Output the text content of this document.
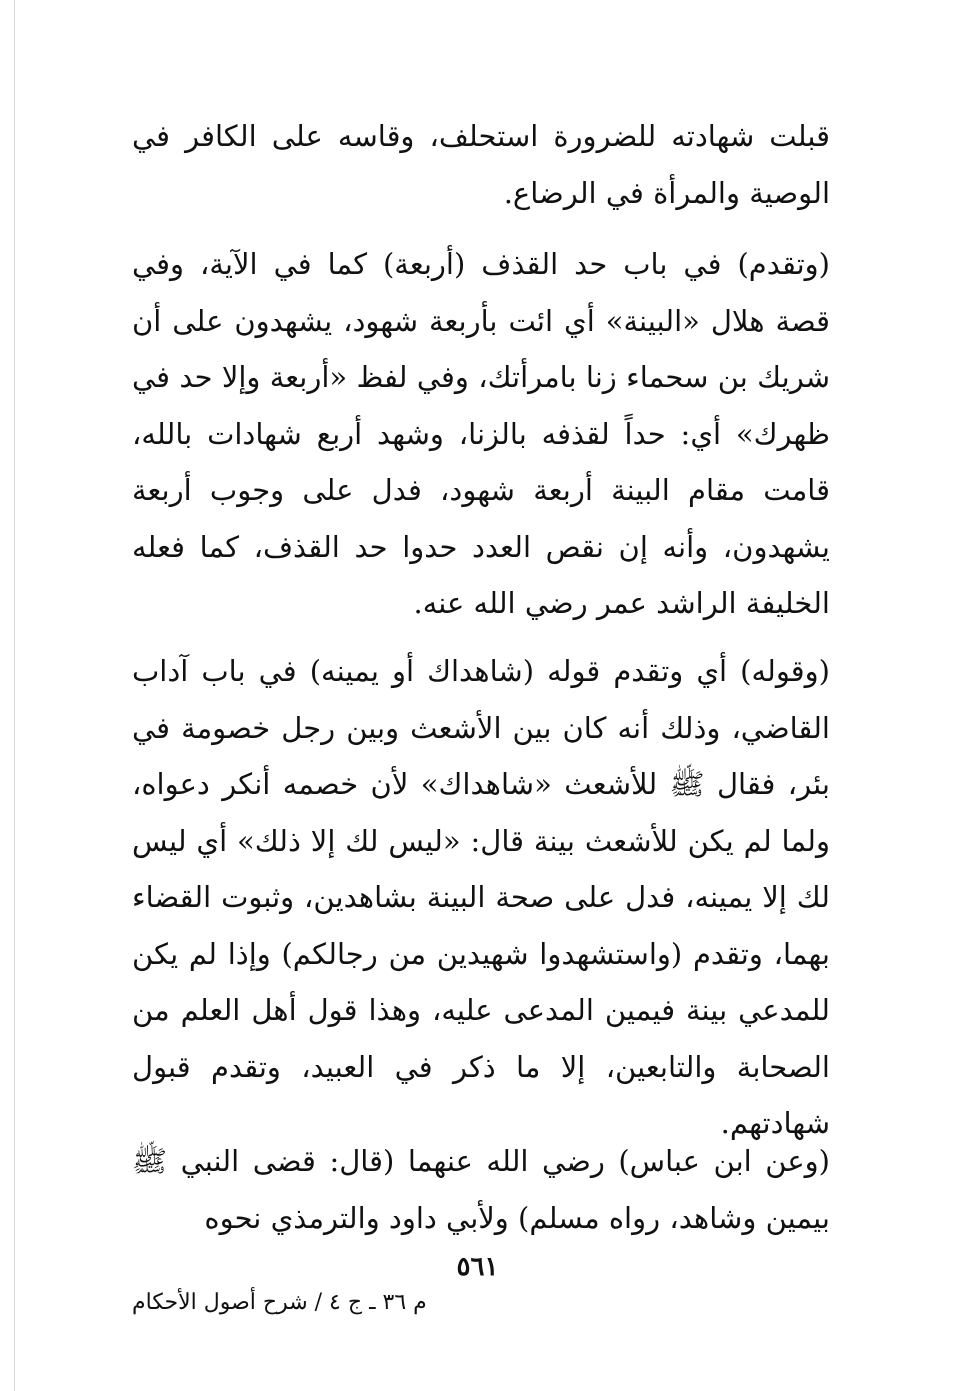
قبلت شهادته للضرورة استحلف، وقاسه على الكافر في الوصية والمرأة في الرضاع.

(وتقدم) في باب حد القذف (أربعة) كما في الآية، وفي قصة هلال «البينة» أي ائت بأربعة شهود، يشهدون على أن شريك بن سحماء زنا بامرأتك، وفي لفظ «أربعة وإلا حد في ظهرك» أي: حداً لقذفه بالزنا، وشهد أربع شهادات بالله، قامت مقام البينة أربعة شهود، فدل على وجوب أربعة يشهدون، وأنه إن نقص العدد حدوا حد القذف، كما فعله الخليفة الراشد عمر رضي الله عنه.

(وقوله) أي وتقدم قوله (شاهداك أو يمينه) في باب آداب القاضي، وذلك أنه كان بين الأشعث وبين رجل خصومة في بئر، فقال ﷺ للأشعث «شاهداك» لأن خصمه أنكر دعواه، ولما لم يكن للأشعث بينة قال: «ليس لك إلا ذلك» أي ليس لك إلا يمينه، فدل على صحة البينة بشاهدين، وثبوت القضاء بهما، وتقدم (واستشهدوا شهيدين من رجالكم) وإذا لم يكن للمدعي بينة فيمين المدعى عليه، وهذا قول أهل العلم من الصحابة والتابعين، إلا ما ذكر في العبيد، وتقدم قبول شهادتهم.

(وعن ابن عباس) رضي الله عنهما (قال: قضى النبي ﷺ بيمين وشاهد، رواه مسلم) ولأبي داود والترمذي نحوه

٥٦١
م ٣٦ ـ ج ٤ / شرح أصول الأحكام
